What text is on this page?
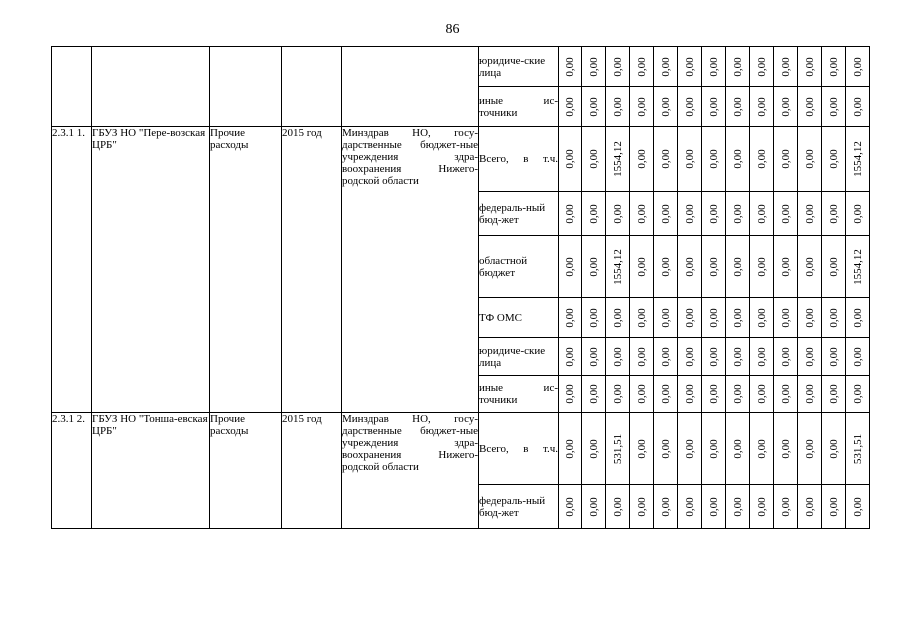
86
					юридиче-ские лица	0,00	0,00	0,00	0,00	0,00	0,00	0,00	0,00	0,00	0,00	0,00	0,00	0,00

					иные ис-точники	0,00	0,00	0,00	0,00	0,00	0,00	0,00	0,00	0,00	0,00	0,00	0,00	0,00

2.3.1 1.	ГБУЗ НО "Пере-возская ЦРБ"	Прочие расходы	2015 год	Минздрав НО, госу-дарственные бюджет-ные учреждения здра-воохранения Нижего-родской области	Всего, в т.ч.	0,00	0,00	1554,12	0,00	0,00	0,00	0,00	0,00	0,00	0,00	0,00	0,00	1554,12

					федераль-ный бюд-жет	0,00	0,00	0,00	0,00	0,00	0,00	0,00	0,00	0,00	0,00	0,00	0,00	0,00

					областной бюджет	0,00	0,00	1554,12	0,00	0,00	0,00	0,00	0,00	0,00	0,00	0,00	0,00	1554,12

					ТФ ОМС	0,00	0,00	0,00	0,00	0,00	0,00	0,00	0,00	0,00	0,00	0,00	0,00	0,00

					юридиче-ские лица	0,00	0,00	0,00	0,00	0,00	0,00	0,00	0,00	0,00	0,00	0,00	0,00	0,00

					иные ис-точники	0,00	0,00	0,00	0,00	0,00	0,00	0,00	0,00	0,00	0,00	0,00	0,00	0,00

2.3.1 2.	ГБУЗ НО "Тоншa-евская ЦРБ"	Прочие расходы	2015 год	Минздрав НО, госу-дарственные бюджет-ные учреждения здра-воохранения Нижего-родской области	Всего, в т.ч.	0,00	0,00	531,51	0,00	0,00	0,00	0,00	0,00	0,00	0,00	0,00	0,00	531,51

					федераль-ный бюд-жет	0,00	0,00	0,00	0,00	0,00	0,00	0,00	0,00	0,00	0,00	0,00	0,00	0,00
